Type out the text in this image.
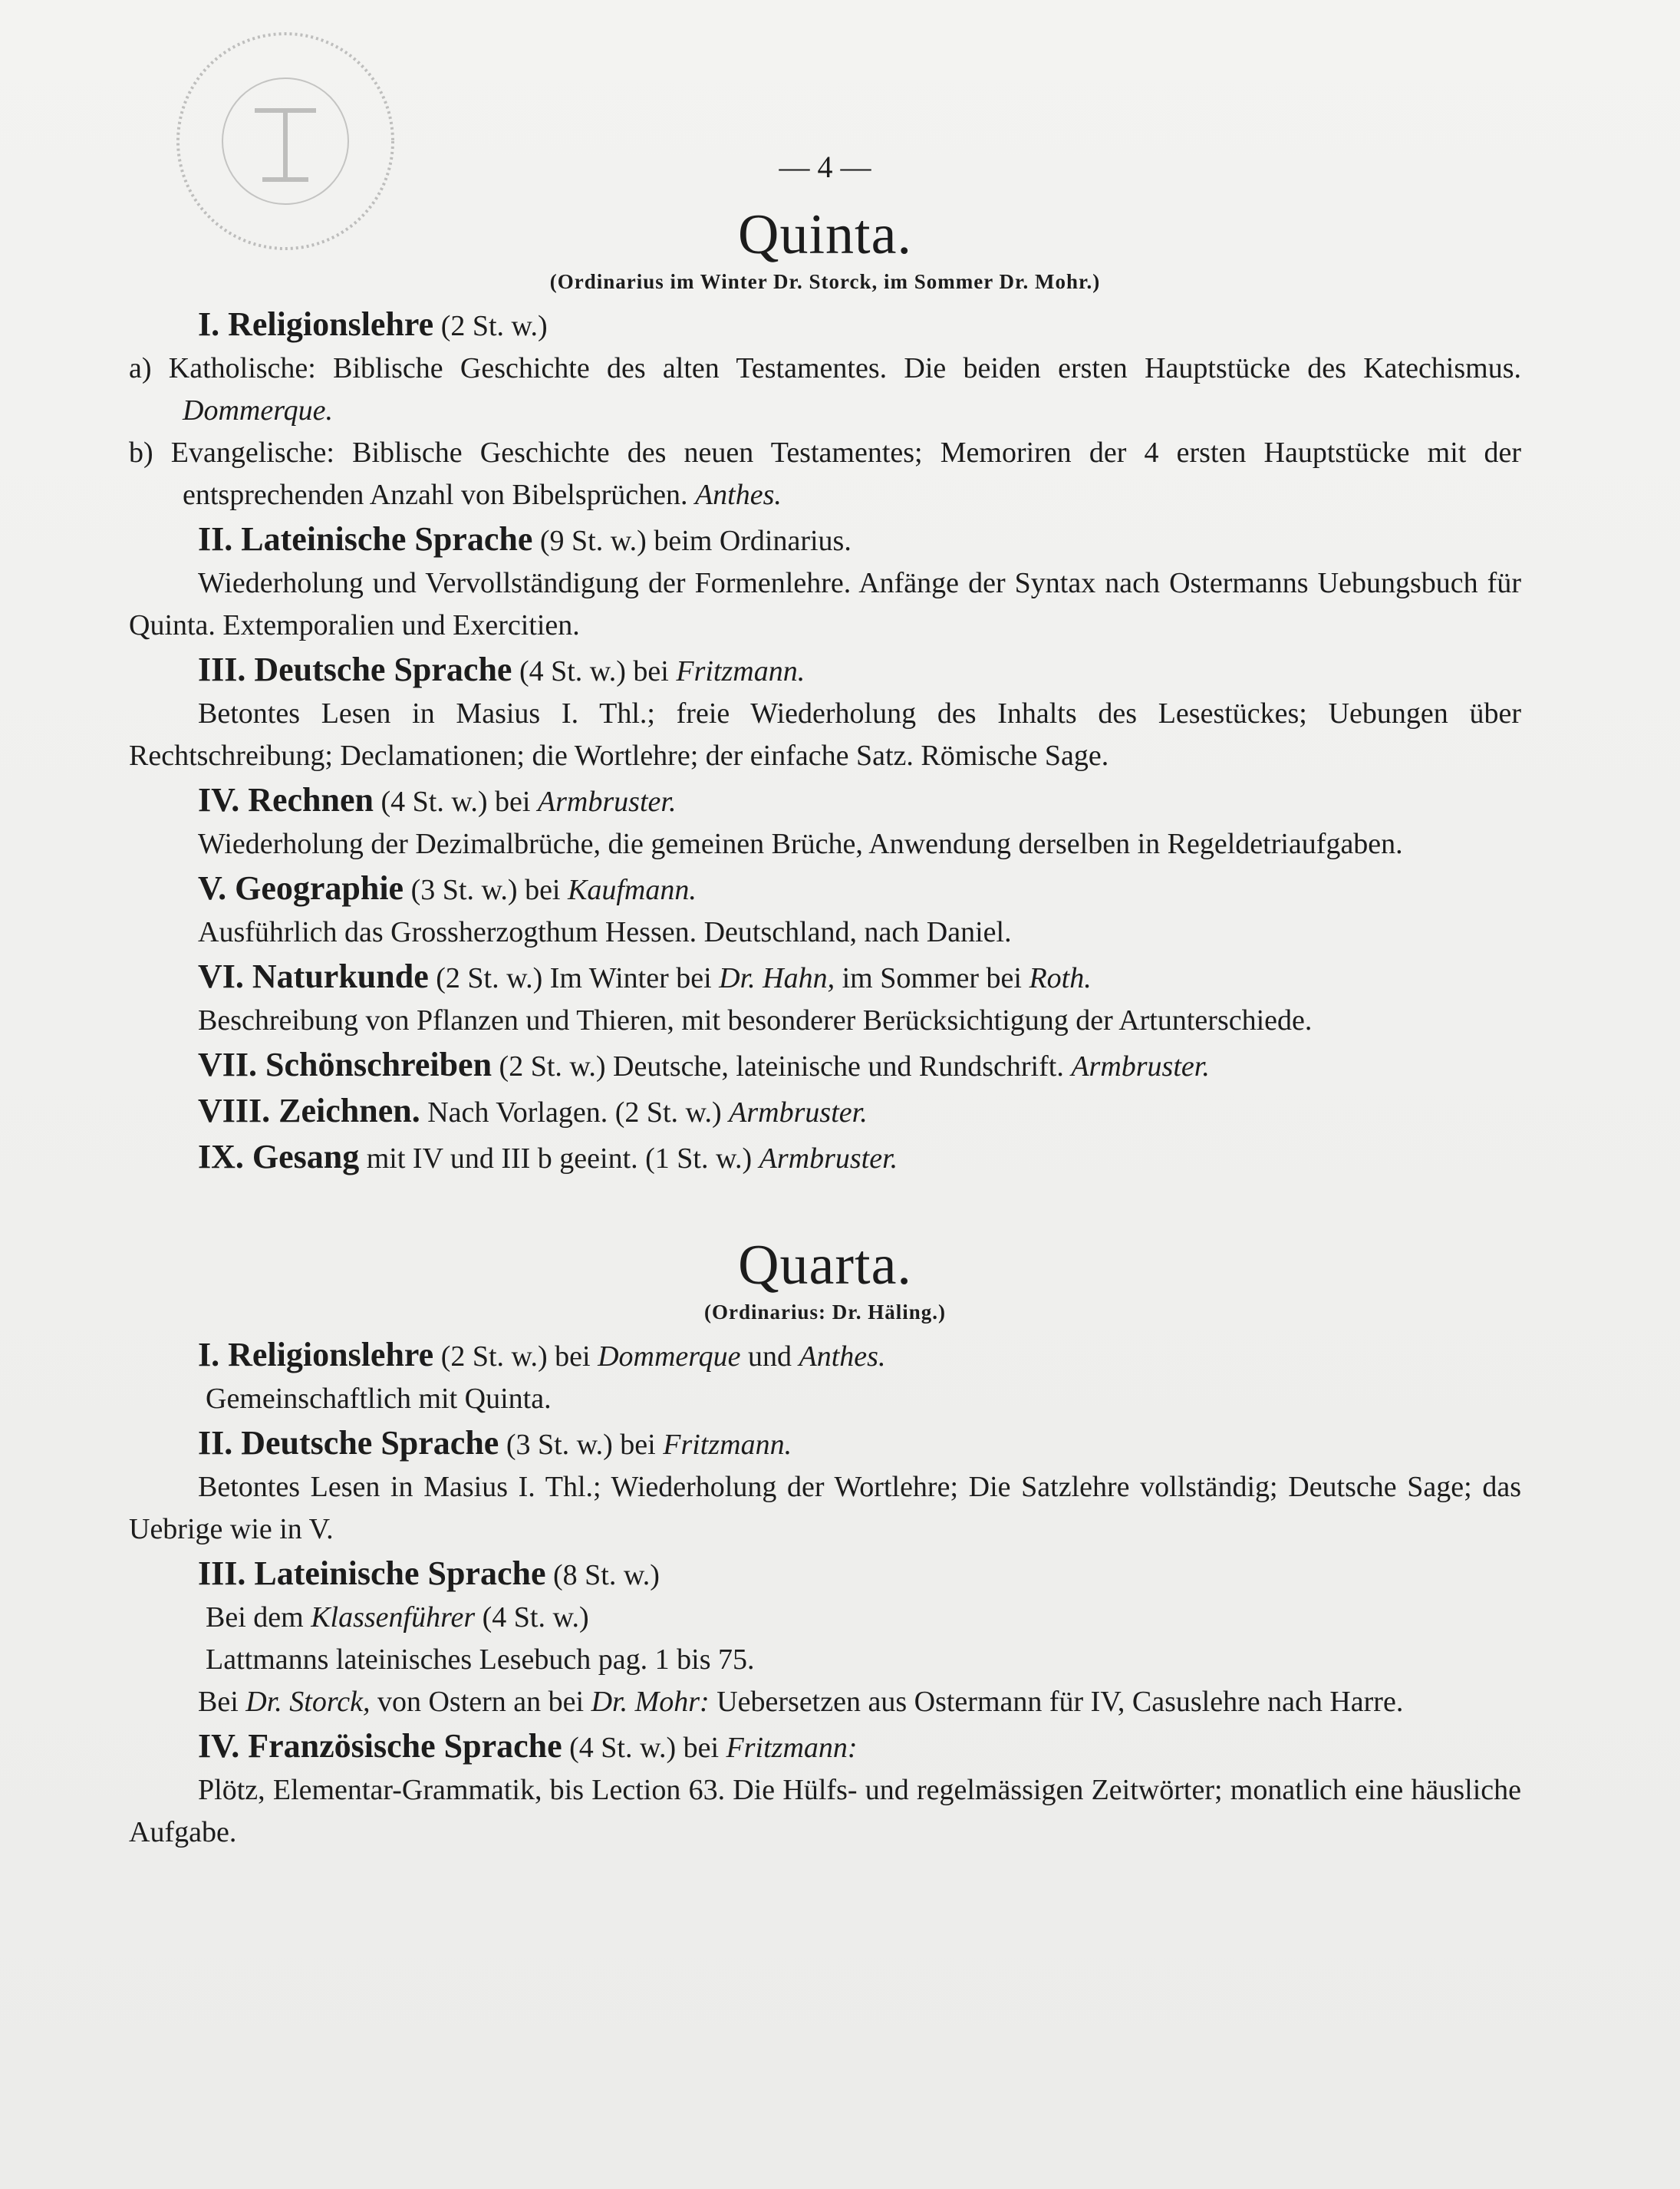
— 4 —
Quinta.
(Ordinarius im Winter Dr. Storck, im Sommer Dr. Mohr.)
I. Religionslehre (2 St. w.)

a) Katholische: Biblische Geschichte des alten Testamentes. Die beiden ersten Hauptstücke des Katechismus. Dommerque.

b) Evangelische: Biblische Geschichte des neuen Testamentes; Memoriren der 4 ersten Hauptstücke mit der entsprechenden Anzahl von Bibelsprüchen. Anthes.

II. Lateinische Sprache (9 St. w.) beim Ordinarius.

Wiederholung und Vervollständigung der Formenlehre. Anfänge der Syntax nach Ostermanns Uebungsbuch für Quinta. Extemporalien und Exercitien.

III. Deutsche Sprache (4 St. w.) bei Fritzmann.

Betontes Lesen in Masius I. Thl.; freie Wiederholung des Inhalts des Lesestückes; Uebungen über Rechtschreibung; Declamationen; die Wortlehre; der einfache Satz. Römische Sage.

IV. Rechnen (4 St. w.) bei Armbruster.

Wiederholung der Dezimalbrüche, die gemeinen Brüche, Anwendung derselben in Regeldetriaufgaben.

V. Geographie (3 St. w.) bei Kaufmann.

Ausführlich das Grossherzogthum Hessen. Deutschland, nach Daniel.

VI. Naturkunde (2 St. w.) Im Winter bei Dr. Hahn, im Sommer bei Roth.

Beschreibung von Pflanzen und Thieren, mit besonderer Berücksichtigung der Artunterschiede.

VII. Schönschreiben (2 St. w.) Deutsche, lateinische und Rundschrift. Armbruster.
VIII. Zeichnen. Nach Vorlagen. (2 St. w.) Armbruster.
IX. Gesang mit IV und III b geeint. (1 St. w.) Armbruster.
Quarta.
(Ordinarius: Dr. Häling.)
I. Religionslehre (2 St. w.) bei Dommerque und Anthes.

Gemeinschaftlich mit Quinta.

II. Deutsche Sprache (3 St. w.) bei Fritzmann.

Betontes Lesen in Masius I. Thl.; Wiederholung der Wortlehre; Die Satzlehre vollständig; Deutsche Sage; das Uebrige wie in V.

III. Lateinische Sprache (8 St. w.)

Bei dem Klassenführer (4 St. w.)

Lattmanns lateinisches Lesebuch pag. 1 bis 75.

Bei Dr. Storck, von Ostern an bei Dr. Mohr: Uebersetzen aus Ostermann für IV, Casuslehre nach Harre.

IV. Französische Sprache (4 St. w.) bei Fritzmann:

Plötz, Elementar-Grammatik, bis Lection 63. Die Hülfs- und regelmässigen Zeitwörter; monatlich eine häusliche Aufgabe.
